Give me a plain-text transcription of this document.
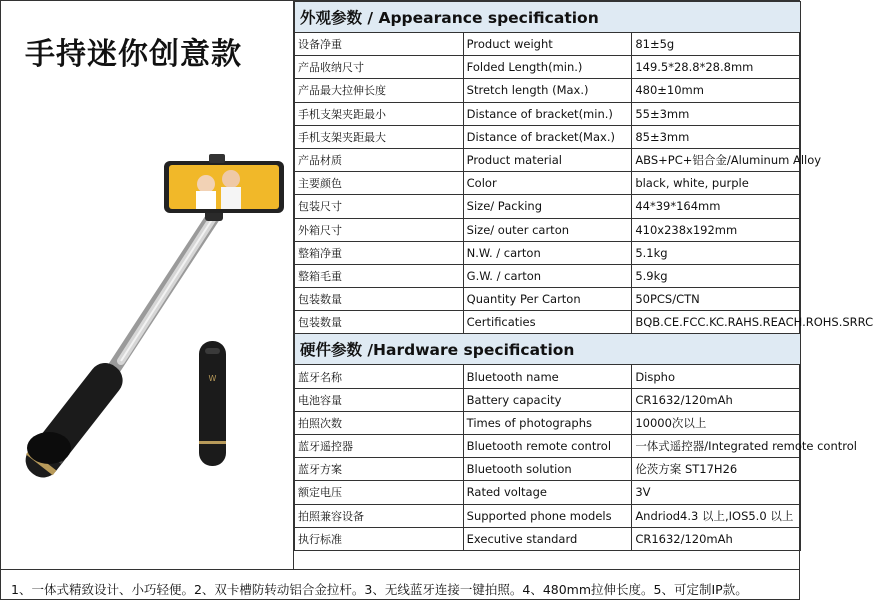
手持迷你创意款
W
外观参数 / Appearance specification		
设备净重	Product weight	81±5g
产品收纳尺寸	Folded Length(min.)	149.5*28.8*28.8mm
产品最大拉伸长度	Stretch length (Max.)	480±10mm
手机支架夹距最小	Distance of bracket(min.)	55±3mm
手机支架夹距最大	Distance of bracket(Max.)	85±3mm
产品材质	Product material	ABS+PC+铝合金/Aluminum Alloy
主要颜色	Color	black, white, purple
包装尺寸	Size/ Packing	44*39*164mm
外箱尺寸	Size/ outer carton	410x238x192mm
整箱净重	N.W. / carton	5.1kg
整箱毛重	G.W. / carton	5.9kg
包装数量	Quantity Per Carton	50PCS/CTN
包装数量	Certificaties	BQB.CE.FCC.KC.RAHS.REACH.ROHS.SRRC
硬件参数 /Hardware specification		
蓝牙名称	Bluetooth name	Dispho
电池容量	Battery capacity	CR1632/120mAh
拍照次数	Times of photographs	10000次以上
蓝牙遥控器	Bluetooth remote control	一体式遥控器/Integrated remote control
蓝牙方案	Bluetooth solution	伦茨方案 ST17H26
额定电压	Rated voltage	3V
拍照兼容设备	Supported phone models	Andriod4.3 以上,IOS5.0 以上
执行标准	Executive standard	CR1632/120mAh
1、一体式精致设计、小巧轻便。2、双卡槽防转动铝合金拉杆。3、无线蓝牙连接一键拍照。4、480mm拉伸长度。5、可定制IP款。
